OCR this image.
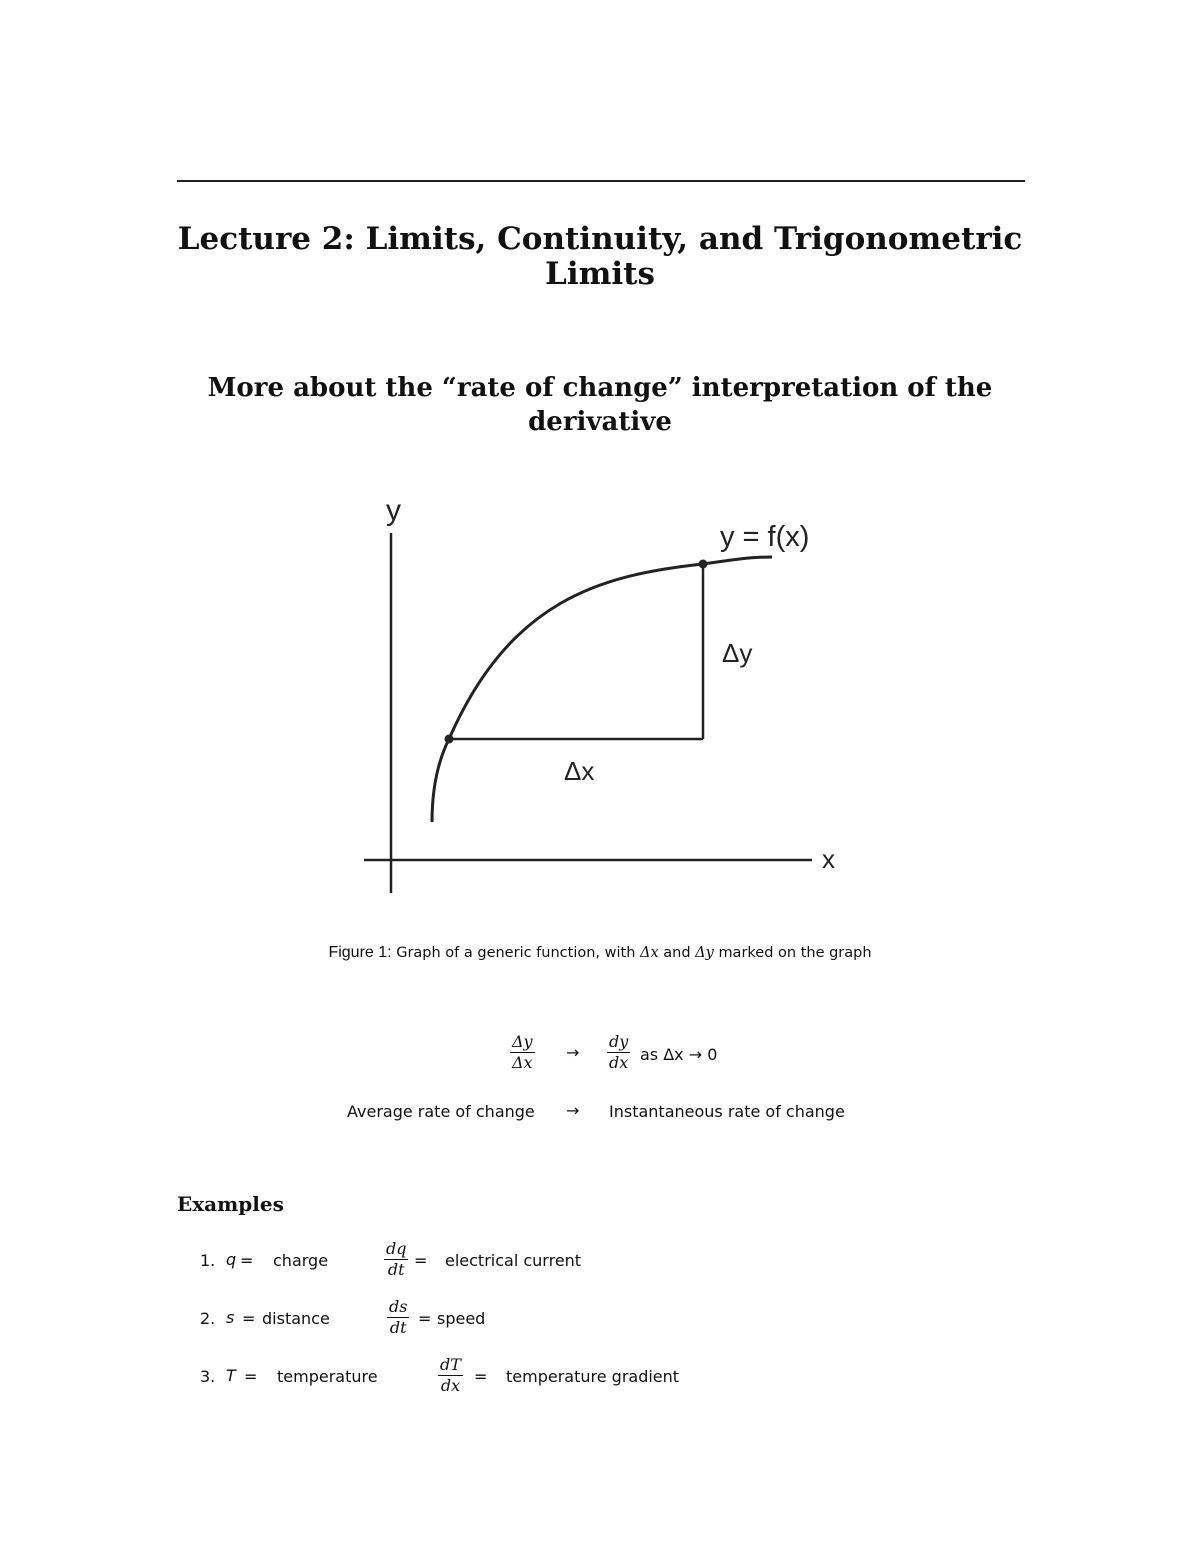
Lecture 2: Limits, Continuity, and Trigonometric Limits
More about the “rate of change” interpretation of the derivative
y
x
y = f(x)
Δy
Δx
Figure 1: Graph of a generic function, with Δx and Δy marked on the graph
$\frac{\Delta y}{\Delta x} \to \frac{dy}{dx}$ as Δx → 0
Average rate of change → Instantaneous rate of change
Examples
1. q = charge	$\frac{dq}{dt}$ = electrical current
2. s = distance	$\frac{ds}{dt}$ = speed
3. T = temperature	$\frac{dT}{dx}$ = temperature gradient
